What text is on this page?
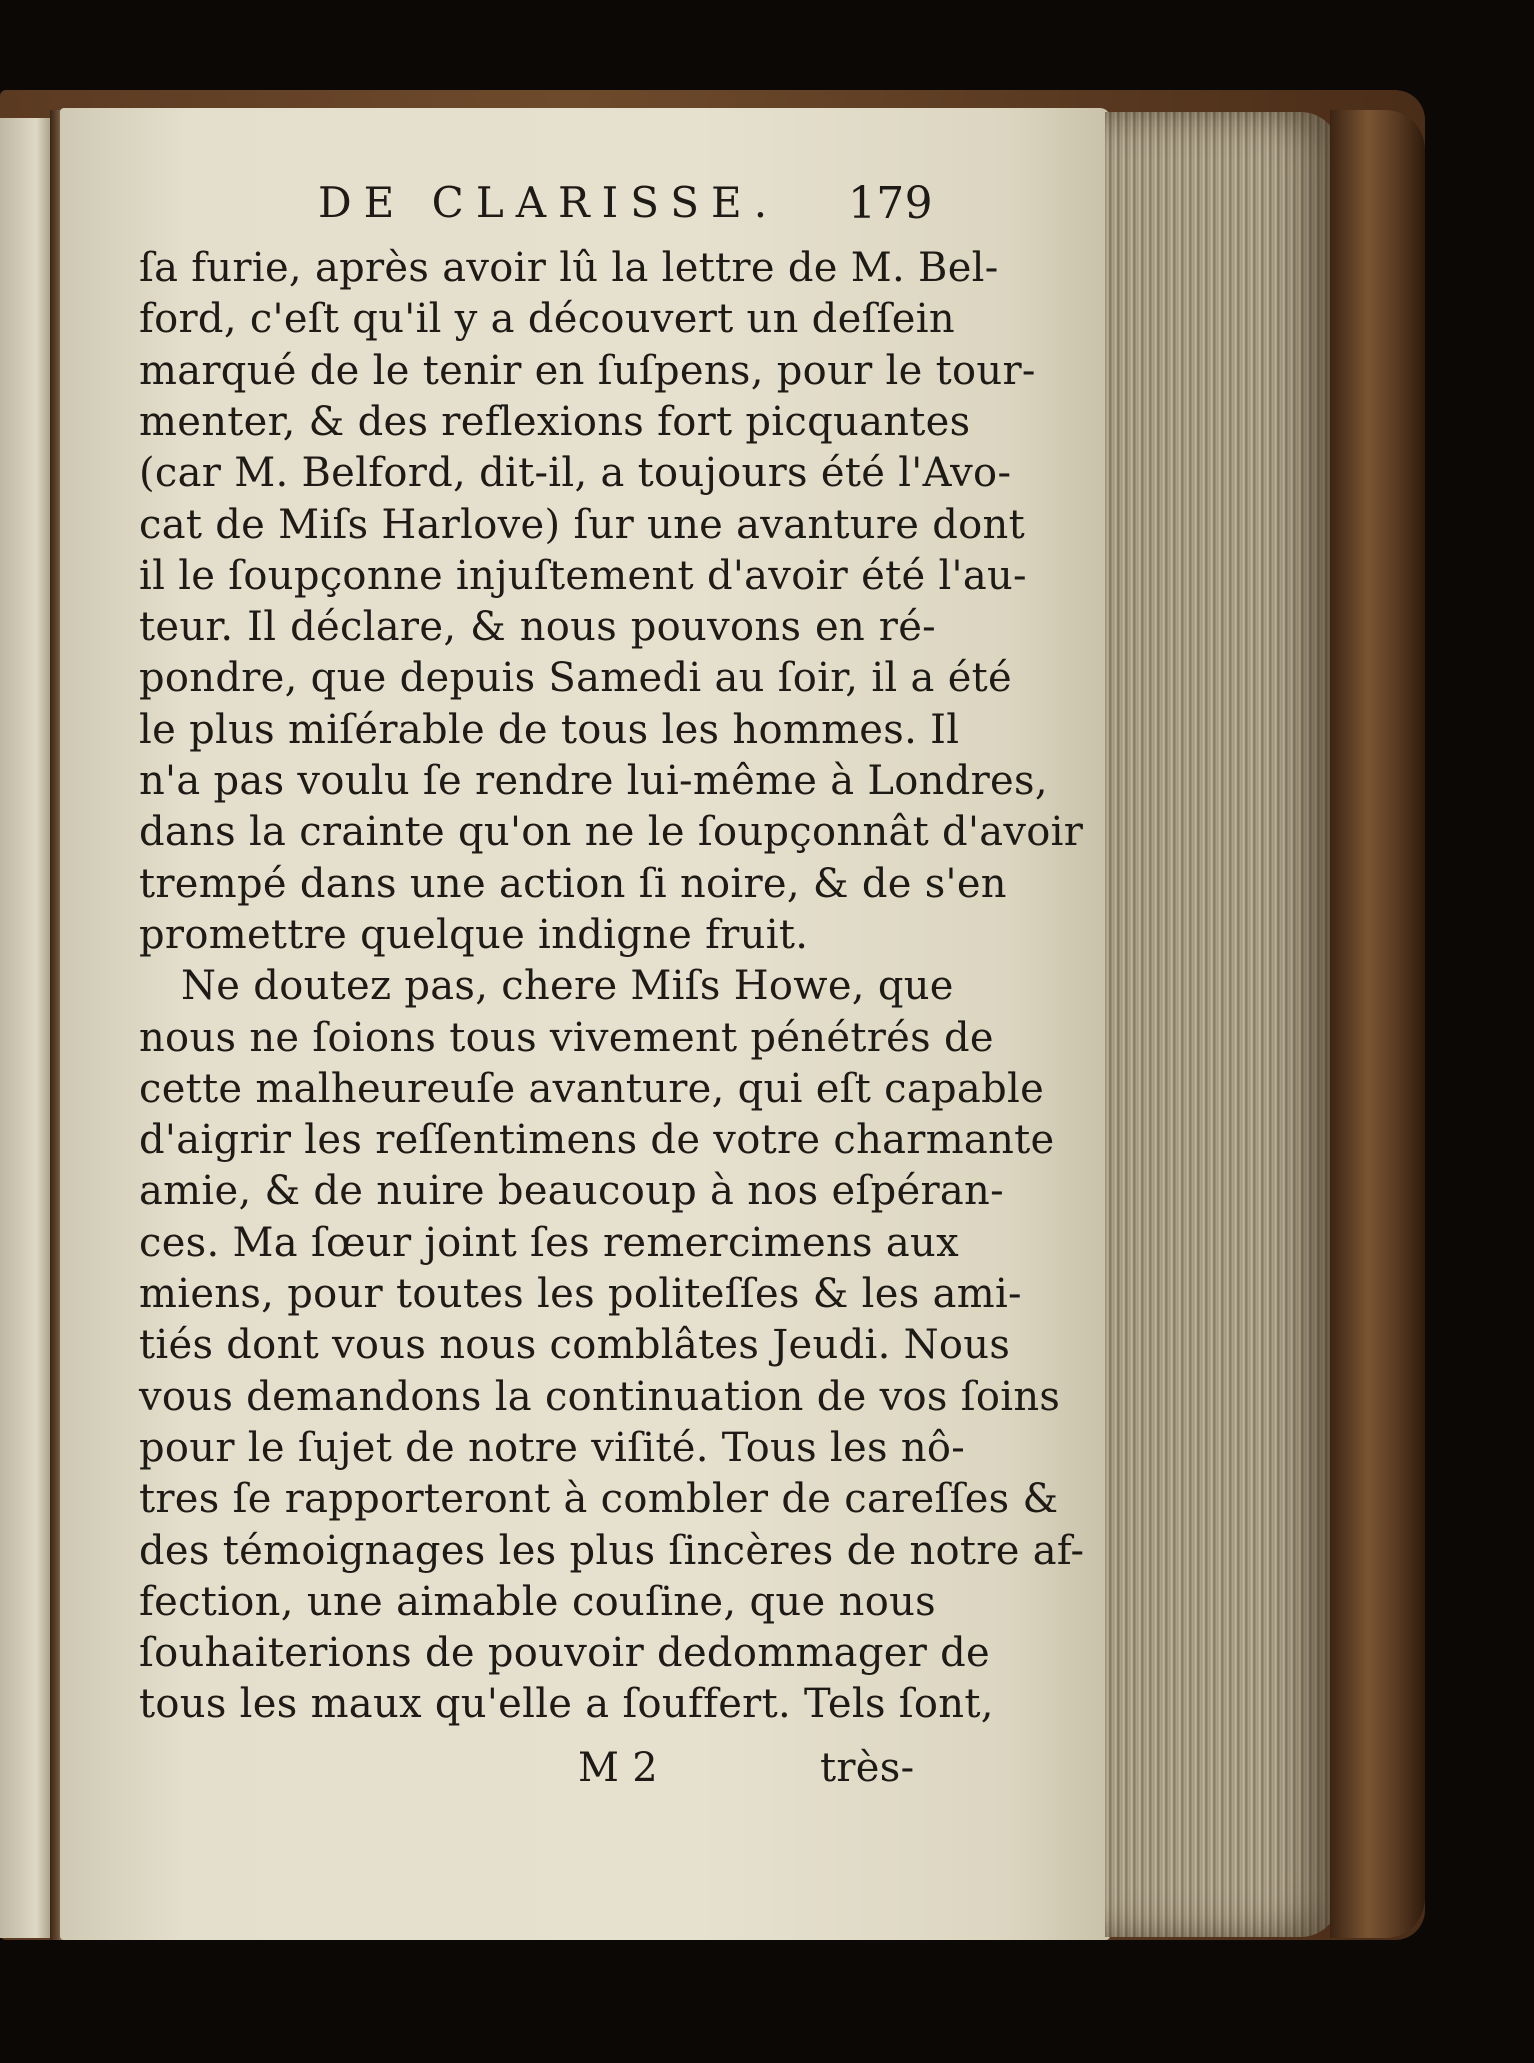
DE CLARISSE. 179
ſa furie, après avoir lû la lettre de M. Bel-
ford, c'eſt qu'il y a découvert un deſſein
marqué de le tenir en ſuſpens, pour le tour-
menter, & des reflexions fort picquantes
(car M. Belford, dit-il, a toujours été l'Avo-
cat de Miſs Harlove) ſur une avanture dont
il le ſoupçonne injuſtement d'avoir été l'au-
teur. Il déclare, & nous pouvons en ré-
pondre, que depuis Samedi au ſoir, il a été
le plus miſérable de tous les hommes. Il
n'a pas voulu ſe rendre lui-même à Londres,
dans la crainte qu'on ne le ſoupçonnât d'avoir
trempé dans une action ſi noire, & de s'en
promettre quelque indigne fruit.
Ne doutez pas, chere Miſs Howe, que
nous ne ſoions tous vivement pénétrés de
cette malheureuſe avanture, qui eſt capable
d'aigrir les reſſentimens de votre charmante
amie, & de nuire beaucoup à nos eſpéran-
ces. Ma ſœur joint ſes remercimens aux
miens, pour toutes les politeſſes & les ami-
tiés dont vous nous comblâtes Jeudi. Nous
vous demandons la continuation de vos ſoins
pour le ſujet de notre viſité. Tous les nô-
tres ſe rapporteront à combler de careſſes &
des témoignages les plus ſincères de notre af-
fection, une aimable couſine, que nous
ſouhaiterions de pouvoir dedommager de
tous les maux qu'elle a ſouffert. Tels ſont,
M 2	très-
